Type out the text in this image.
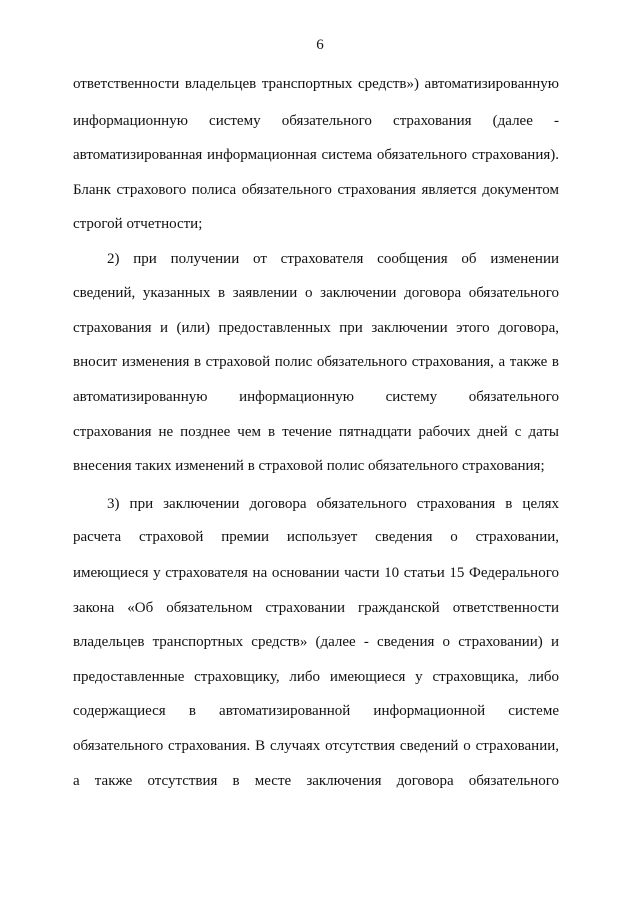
6
ответственности владельцев транспортных средств») автоматизированную
информационную систему обязательного страхования (далее -
автоматизированная информационная система обязательного страхования).
Бланк страхового полиса обязательного страхования является документом
строгой отчетности;
2) при получении от страхователя сообщения об изменении
сведений, указанных в заявлении о заключении договора обязательного
страхования и (или) предоставленных при заключении этого договора,
вносит изменения в страховой полис обязательного страхования, а также в
автоматизированную информационную систему обязательного
страхования не позднее чем в течение пятнадцати рабочих дней с даты
внесения таких изменений в страховой полис обязательного страхования;
3) при заключении договора обязательного страхования в целях
расчета страховой премии использует сведения о страховании,
имеющиеся у страхователя на основании части 10 статьи 15 Федерального
закона «Об обязательном страховании гражданской ответственности
владельцев транспортных средств» (далее - сведения о страховании) и
предоставленные страховщику, либо имеющиеся у страховщика, либо
содержащиеся в автоматизированной информационной системе
обязательного страхования. В случаях отсутствия сведений о страховании,
а также отсутствия в месте заключения договора обязательного
